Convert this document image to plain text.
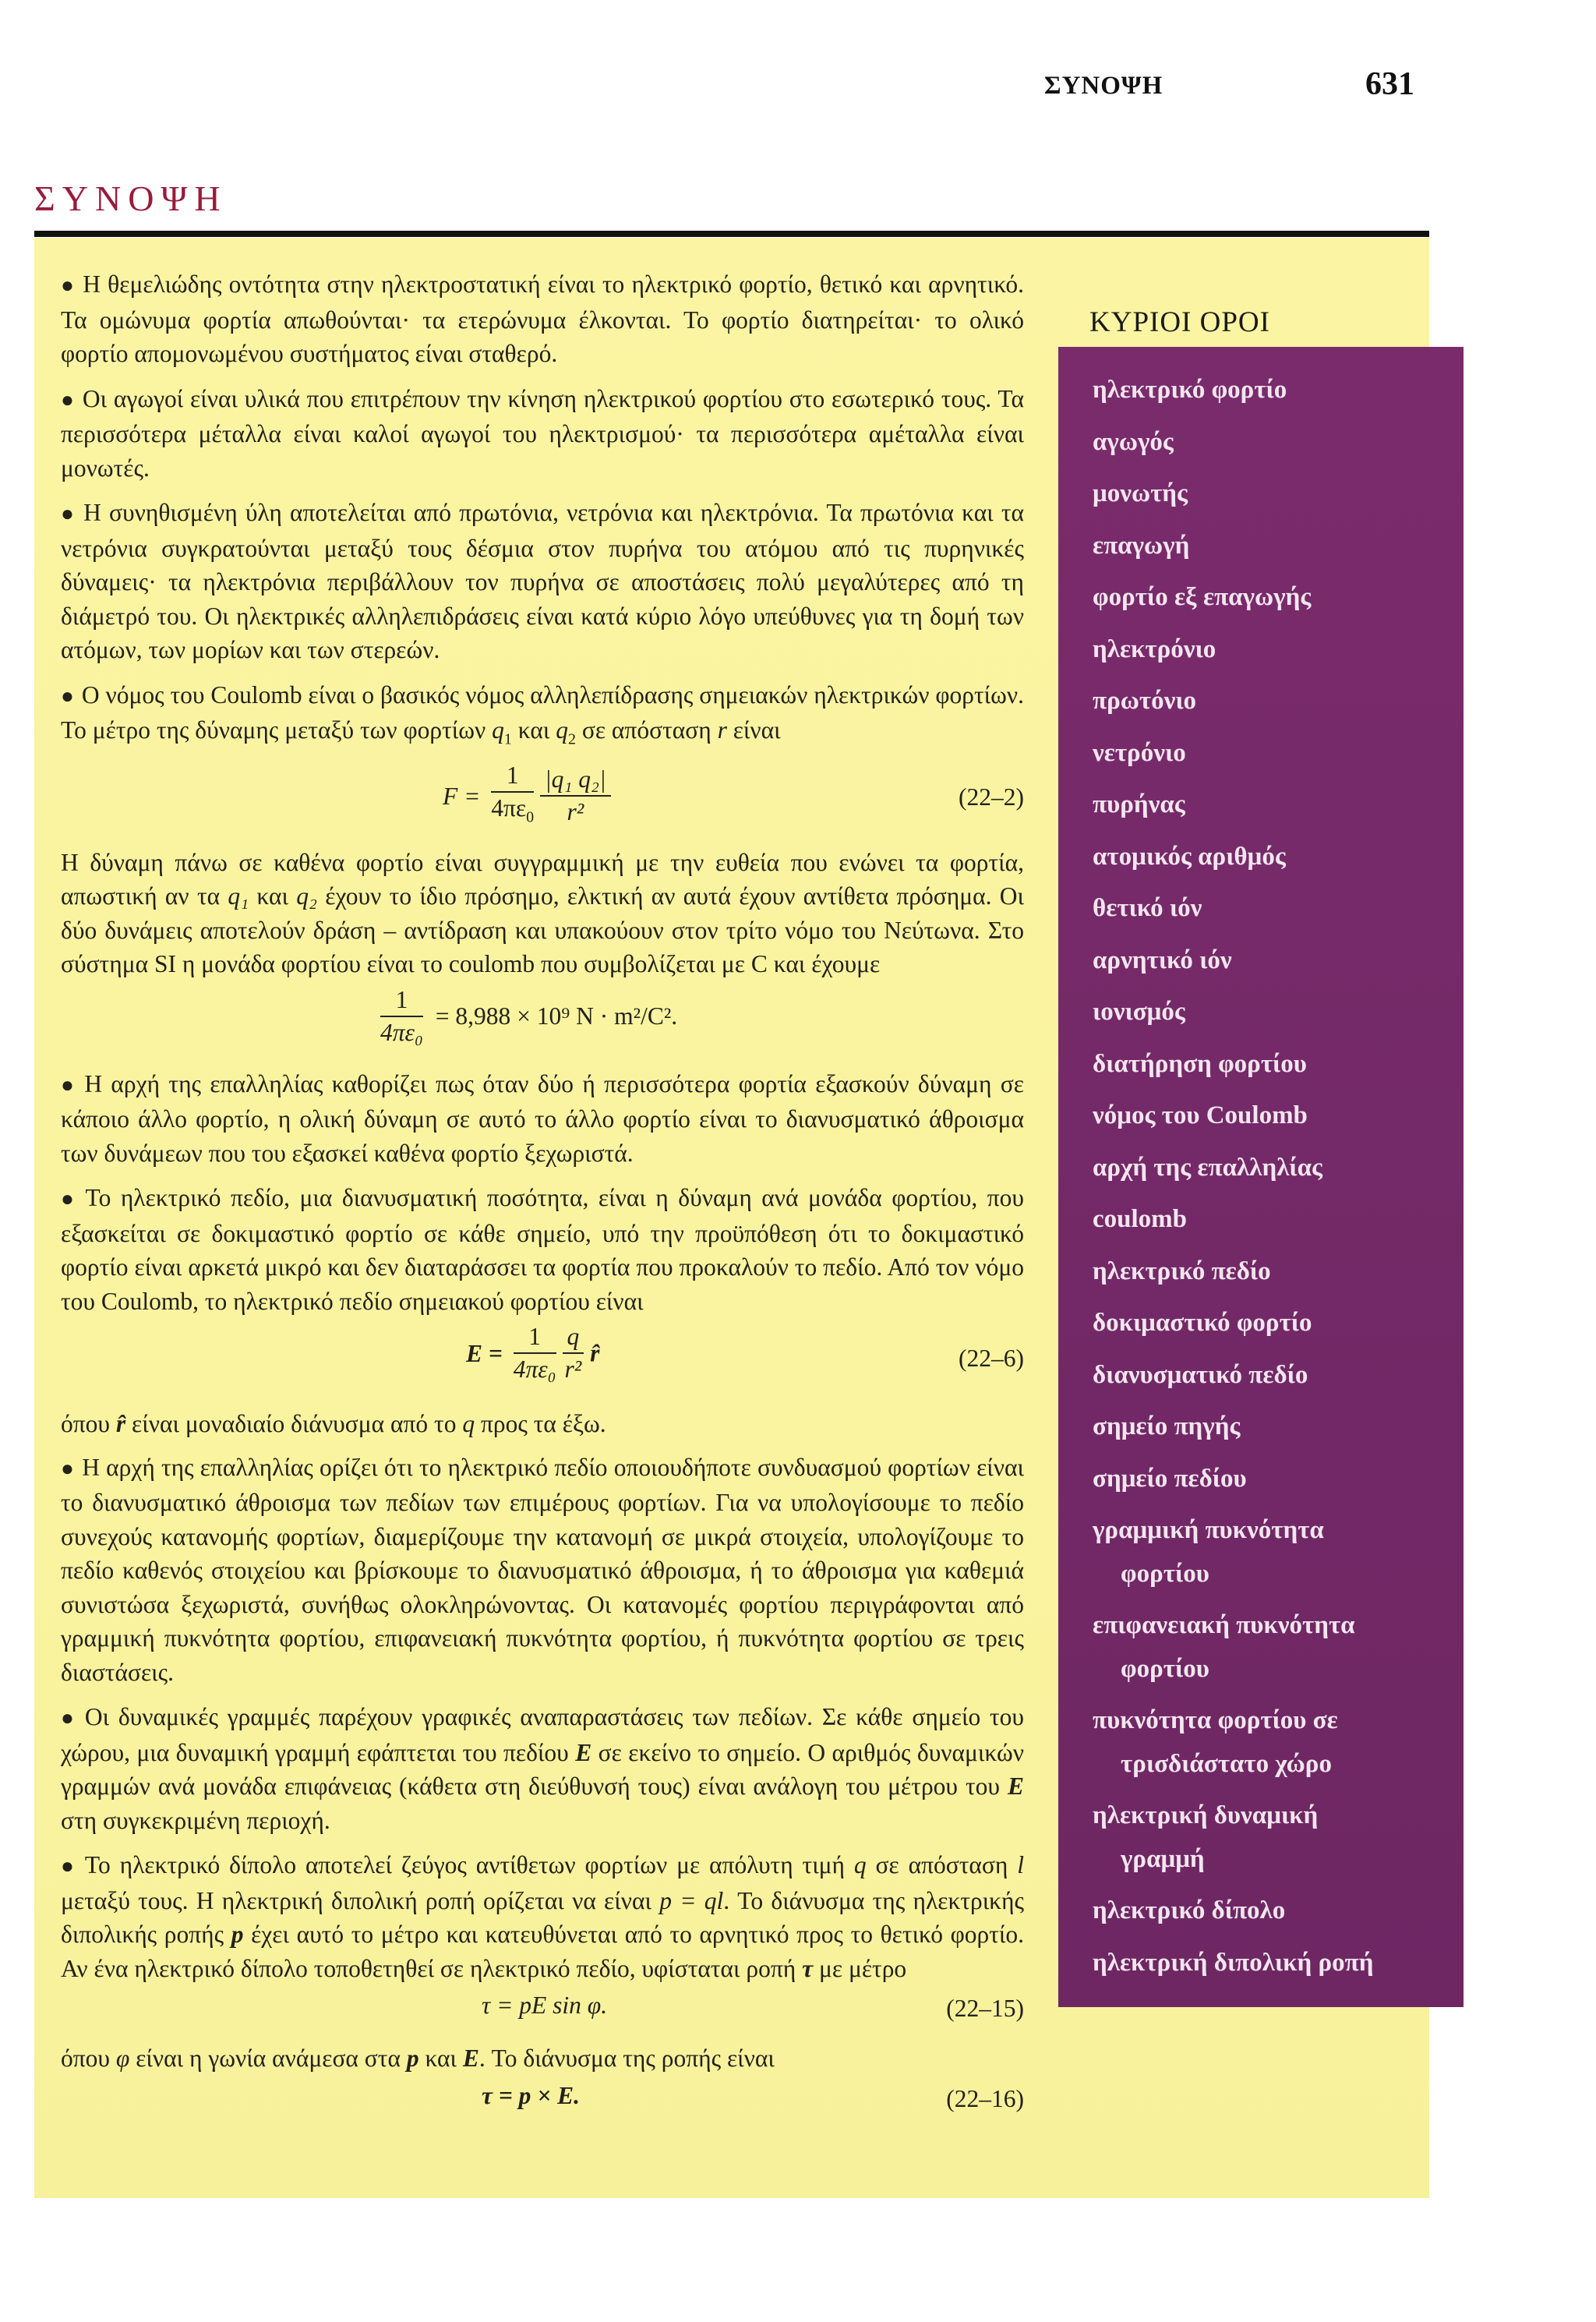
ΣΥΝΟΨΗ	631
ΣΥΝΟΨΗ

● Η θεμελιώδης οντότητα στην ηλεκτροστατική είναι το ηλεκτρικό φορτίο, θετικό και αρνητικό. Τα ομώνυμα φορτία απωθούνται· τα ετερώνυμα έλκονται. Το φορτίο διατηρείται· το ολικό φορτίο απομονωμένου συστήματος είναι σταθερό.

● Οι αγωγοί είναι υλικά που επιτρέπουν την κίνηση ηλεκτρικού φορτίου στο εσωτερικό τους. Τα περισσότερα μέταλλα είναι καλοί αγωγοί του ηλεκτρισμού· τα περισσότερα αμέταλλα είναι μονωτές.

● Η συνηθισμένη ύλη αποτελείται από πρωτόνια, νετρόνια και ηλεκτρόνια. Τα πρωτόνια και τα νετρόνια συγκρατούνται μεταξύ τους δέσμια στον πυρήνα του ατόμου από τις πυρηνικές δύναμεις· τα ηλεκτρόνια περιβάλλουν τον πυρήνα σε αποστάσεις πολύ μεγαλύτερες από τη διάμετρό του. Οι ηλεκτρικές αλληλεπιδράσεις είναι κατά κύριο λόγο υπεύθυνες για τη δομή των ατόμων, των μορίων και των στερεών.

● Ο νόμος του Coulomb είναι ο βασικός νόμος αλληλεπίδρασης σημειακών ηλεκτρικών φορτίων. Το μέτρο της δύναμης μεταξύ των φορτίων $q_1$ και $q_2$ σε απόσταση r είναι

$F = \frac{1}{4\pi\varepsilon_0}$
$\frac{\text{|q₁ q₂|}}{\text{r²}}$	(22–2)

Η δύναμη πάνω σε καθένα φορτίο είναι συγγραμμική με την ευθεία που ενώνει τα φορτία, απωστική αν τα q₁ και q₂ έχουν το ίδιο πρόσημο, ελκτική αν αυτά έχουν αντίθετα πρόσημα. Οι δύο δυνάμεις αποτελούν δράση – αντίδραση και υπακούουν στον τρίτο νόμο του Νεύτωνα. Στο σύστημα SI η μονάδα φορτίου είναι το coulomb που συμβολίζεται με C και έχουμε

$\frac{1}{\text{4πε₀}} = 8,988 \times 10^9$ N · m²/C².

● Η αρχή της επαλληλίας καθορίζει πως όταν δύο ή περισσότερα φορτία εξασκούν δύναμη σε κάποιο άλλο φορτίο, η ολική δύναμη σε αυτό το άλλο φορτίο είναι το διανυσματικό άθροισμα των δυνάμεων που του εξασκεί καθένα φορτίο ξεχωριστά.

● Το ηλεκτρικό πεδίο, μια διανυσματική ποσότητα, είναι η δύναμη ανά μονάδα φορτίου, που εξασκείται σε δοκιμαστικό φορτίο σε κάθε σημείο, υπό την προϋπόθεση ότι το δοκιμαστικό φορτίο είναι αρκετά μικρό και δεν διαταράσσει τα φορτία που προκαλούν το πεδίο. Από τον νόμο του Coulomb, το ηλεκτρικό πεδίο σημειακού φορτίου είναι

$E = \frac{1}{\text{4πε₀}}$
$\frac{q}{\text{r²}}$ r̂	(22–6)

όπου r̂ είναι μοναδιαίο διάνυσμα από το q προς τα έξω.

● Η αρχή της επαλληλίας ορίζει ότι το ηλεκτρικό πεδίο οποιουδήποτε συνδυασμού φορτίων είναι το διανυσματικό άθροισμα των πεδίων των επιμέρους φορτίων. Για να υπολογίσουμε το πεδίο συνεχούς κατανομής φορτίων, διαμερίζουμε την κατανομή σε μικρά στοιχεία, υπολογίζουμε το πεδίο καθενός στοιχείου και βρίσκουμε το διανυσματικό άθροισμα, ή το άθροισμα για καθεμιά συνιστώσα ξεχωριστά, συνήθως ολοκληρώνοντας. Οι κατανομές φορτίου περιγράφονται από γραμμική πυκνότητα φορτίου, επιφανειακή πυκνότητα φορτίου, ή πυκνότητα φορτίου σε τρεις διαστάσεις.

● Οι δυναμικές γραμμές παρέχουν γραφικές αναπαραστάσεις των πεδίων. Σε κάθε σημείο του χώρου, μια δυναμική γραμμή εφάπτεται του πεδίου E σε εκείνο το σημείο. Ο αριθμός δυναμικών γραμμών ανά μονάδα επιφάνειας (κάθετα στη διεύθυνσή τους) είναι ανάλογη του μέτρου του E στη συγκεκριμένη περιοχή.

● Το ηλεκτρικό δίπολο αποτελεί ζεύγος αντίθετων φορτίων με απόλυτη τιμή q σε απόσταση l μεταξύ τους. Η ηλεκτρική διπολική ροπή ορίζεται να είναι p = ql. Το διάνυσμα της ηλεκτρικής διπολικής ροπής p έχει αυτό το μέτρο και κατευθύνεται από το αρνητικό προς το θετικό φορτίο. Αν ένα ηλεκτρικό δίπολο τοποθετηθεί σε ηλεκτρικό πεδίο, υφίσταται ροπή τ με μέτρο

τ = pE sin φ.	(22–15)

όπου φ είναι η γωνία ανάμεσα στα p και E. Το διάνυσμα της ροπής είναι

τ = p × E.	(22–16)
ΚΥΡΙΟΙ ΟΡΟΙ
ηλεκτρικό φορτίο
αγωγός
μονωτής
επαγωγή
φορτίο εξ επαγωγής
ηλεκτρόνιο
πρωτόνιο
νετρόνιο
πυρήνας
ατομικός αριθμός
θετικό ιόν
αρνητικό ιόν
ιονισμός
διατήρηση φορτίου
νόμος του Coulomb
αρχή της επαλληλίας
coulomb
ηλεκτρικό πεδίο
δοκιμαστικό φορτίο
διανυσματικό πεδίο
σημείο πηγής
σημείο πεδίου
γραμμική πυκνότητα
φορτίου
επιφανειακή πυκνότητα
φορτίου
πυκνότητα φορτίου σε
τρισδιάστατο χώρο
ηλεκτρική δυναμική
γραμμή
ηλεκτρικό δίπολο
ηλεκτρική διπολική ροπή
